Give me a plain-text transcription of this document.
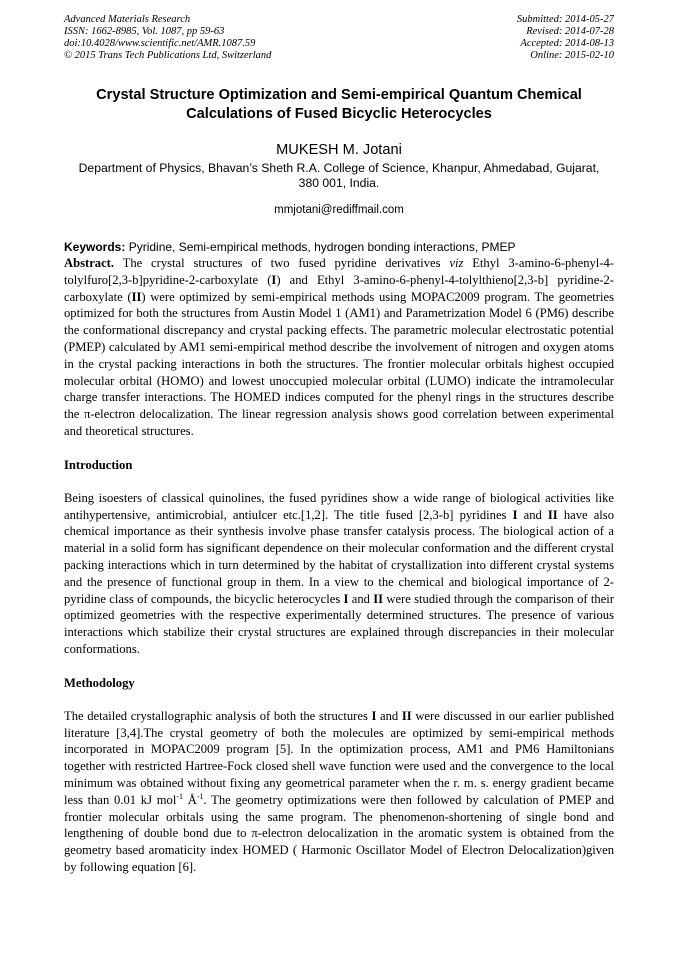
Advanced Materials Research
ISSN: 1662-8985, Vol. 1087, pp 59-63
doi:10.4028/www.scientific.net/AMR.1087.59
© 2015 Trans Tech Publications Ltd, Switzerland
Submitted: 2014-05-27
Revised: 2014-07-28
Accepted: 2014-08-13
Online: 2015-02-10
Crystal Structure Optimization and Semi-empirical Quantum Chemical
Calculations of Fused Bicyclic Heterocycles
MUKESH M. Jotani
Department of Physics, Bhavan’s Sheth R.A. College of Science, Khanpur, Ahmedabad, Gujarat,
380 001, India.
mmjotani@rediffmail.com
Keywords: Pyridine, Semi-empirical methods, hydrogen bonding interactions, PMEP

Abstract. The crystal structures of two fused pyridine derivatives viz Ethyl 3-amino-6-phenyl-4-tolylfuro[2,3-b]pyridine-2-carboxylate (I) and Ethyl 3-amino-6-phenyl-4-tolylthieno[2,3-b] pyridine-2-carboxylate (II) were optimized by semi-empirical methods using MOPAC2009 program. The geometries optimized for both the structures from Austin Model 1 (AM1) and Parametrization Model 6 (PM6) describe the conformational discrepancy and crystal packing effects. The parametric molecular electrostatic potential (PMEP) calculated by AM1 semi-empirical method describe the involvement of nitrogen and oxygen atoms in the crystal packing interactions in both the structures. The frontier molecular orbitals highest occupied molecular orbital (HOMO) and lowest unoccupied molecular orbital (LUMO) indicate the intramolecular charge transfer interactions. The HOMED indices computed for the phenyl rings in the structures describe the π-electron delocalization. The linear regression analysis shows good correlation between experimental and theoretical structures.

Introduction

Being isoesters of classical quinolines, the fused pyridines show a wide range of biological activities like antihypertensive, antimicrobial, antiulcer etc.[1,2]. The title fused [2,3-b] pyridines I and II have also chemical importance as their synthesis involve phase transfer catalysis process. The biological action of a material in a solid form has significant dependence on their molecular conformation and the different crystal packing interactions which in turn determined by the habitat of crystallization into different crystal systems and the presence of functional group in them. In a view to the chemical and biological importance of 2-pyridine class of compounds, the bicyclic heterocycles I and II were studied through the comparison of their optimized geometries with the respective experimentally determined structures. The presence of various interactions which stabilize their crystal structures are explained through discrepancies in their molecular conformations.

Methodology

The detailed crystallographic analysis of both the structures I and II were discussed in our earlier published literature [3,4].The crystal geometry of both the molecules are optimized by semi-empirical methods incorporated in MOPAC2009 program [5]. In the optimization process, AM1 and PM6 Hamiltonians together with restricted Hartree-Fock closed shell wave function were used and the convergence to the local minimum was obtained without fixing any geometrical parameter when the r. m. s. energy gradient became less than 0.01 kJ mol$^{-1}$ $Å^{-1}$. The geometry optimizations were then followed by calculation of PMEP and frontier molecular orbitals using the same program. The phenomenon-shortening of single bond and lengthening of double bond due to π-electron delocalization in the aromatic system is obtained from the geometry based aromaticity index HOMED ( Harmonic Oscillator Model of Electron Delocalization)given by following equation [6].
